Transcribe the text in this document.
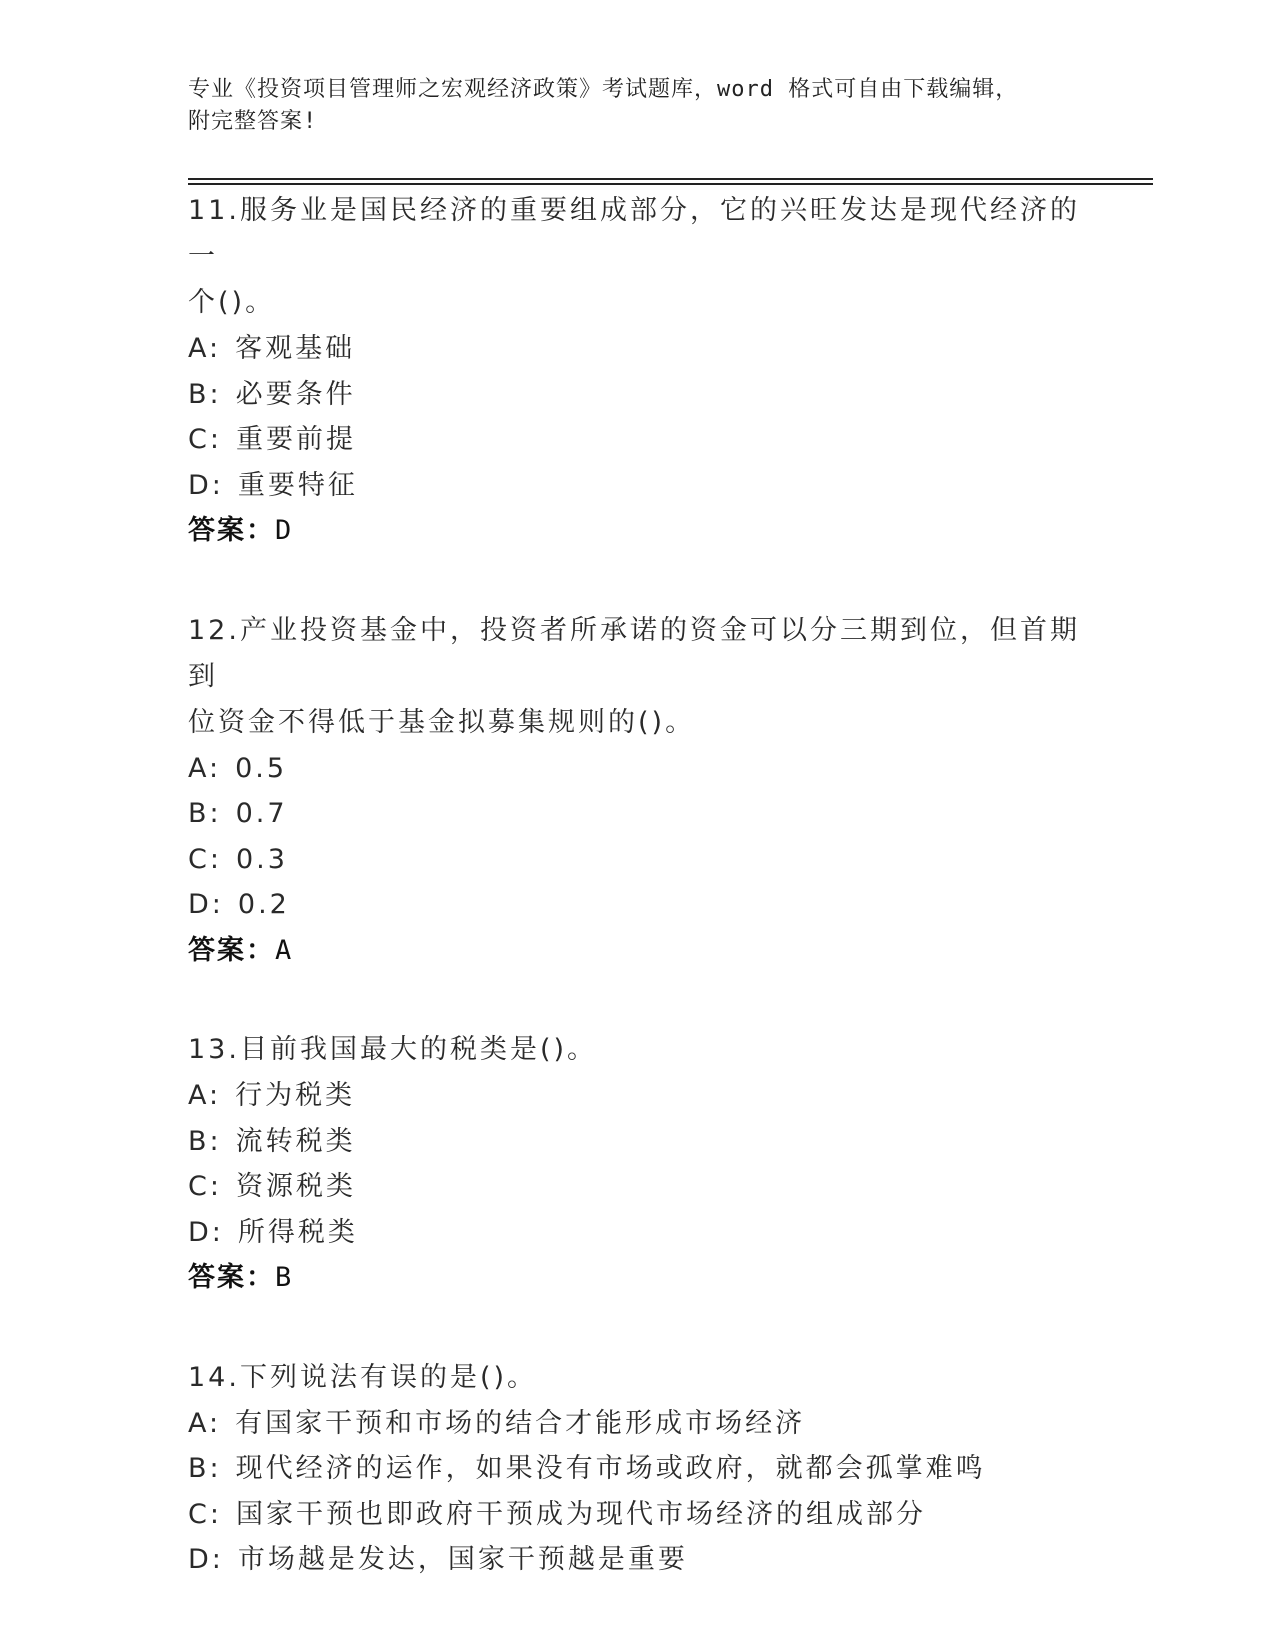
专业《投资项目管理师之宏观经济政策》考试题库，word 格式可自由下载编辑，
附完整答案!
11.服务业是国民经济的重要组成部分，它的兴旺发达是现代经济的一
个()。
A: 客观基础
B: 必要条件
C: 重要前提
D: 重要特征
答案：D
12.产业投资基金中，投资者所承诺的资金可以分三期到位，但首期到
位资金不得低于基金拟募集规则的()。
A: 0.5
B: 0.7
C: 0.3
D: 0.2
答案：A
13.目前我国最大的税类是()。
A: 行为税类
B: 流转税类
C: 资源税类
D: 所得税类
答案：B
14.下列说法有误的是()。
A: 有国家干预和市场的结合才能形成市场经济
B: 现代经济的运作，如果没有市场或政府，就都会孤掌难鸣
C: 国家干预也即政府干预成为现代市场经济的组成部分
D: 市场越是发达，国家干预越是重要
